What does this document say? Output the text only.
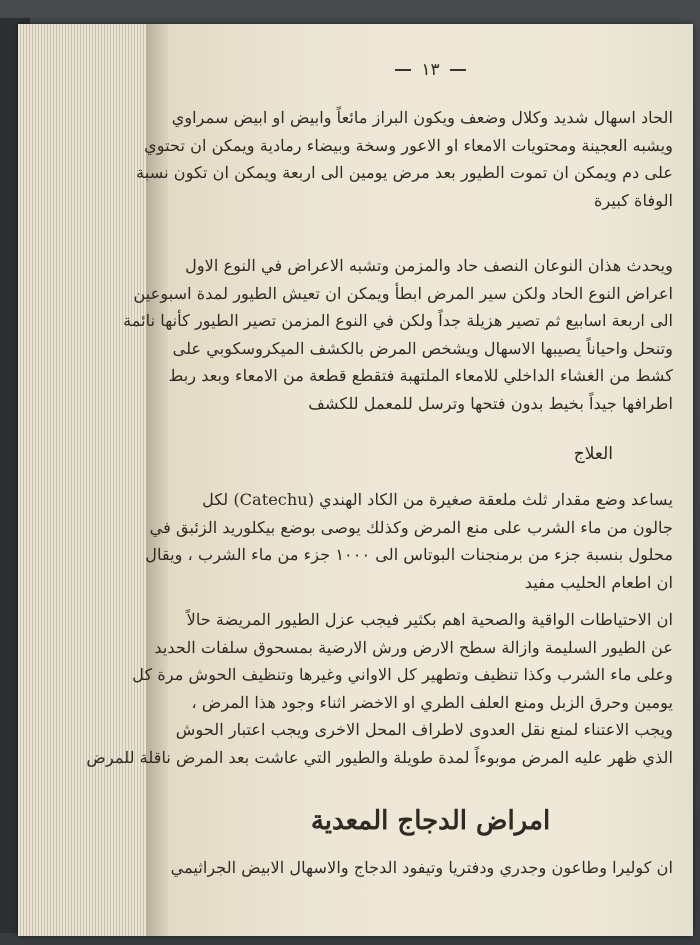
١٣
الحاد اسهال شديد وكلال وضعف ويكون البراز مائعاً وابيض او ابيض سمراوي
ويشبه العجينة ومحتويات الامعاء او الاعور وسخة وبيضاء رمادية ويمكن ان تحتوي
على دم ويمكن ان تموت الطيور بعد مرض يومين الى اربعة ويمكن ان تكون نسبة
الوفاة كبيرة
ويحدث هذان النوعان النصف حاد والمزمن وتشبه الاعراض في النوع الاول
اعراض النوع الحاد ولكن سير المرض ابطأ ويمكن ان تعيش الطيور لمدة اسبوعين
الى اربعة اسابيع ثم تصير هزيلة جداً ولكن في النوع المزمن تصير الطيور كأنها نائمة
وتنحل واحياناً يصيبها الاسهال ويشخص المرض بالكشف الميكروسكوبي على
كشط من الغشاء الداخلي للامعاء الملتهبة فتقطع قطعة من الامعاء وبعد ربط
اطرافها جيداً بخيط بدون فتحها وترسل للمعمل للكشف
العلاج
يساعد وضع مقدار ثلث ملعقة صغيرة من الكاد الهندي (Catechu) لكل
جالون من ماء الشرب على منع المرض وكذلك يوصى بوضع بيكلوريد الزئبق في
محلول بنسبة جزء من برمنجنات البوتاس الى ١٠٠٠ جزء من ماء الشرب ، ويقال
ان اطعام الحليب مفيد
ان الاحتياطات الواقية والصحية اهم بكثير فيجب عزل الطيور المريضة حالاً
عن الطيور السليمة وازالة سطح الارض ورش الارضية بمسحوق سلفات الحديد
وعلى ماء الشرب وكذا تنظيف وتطهير كل الاواني وغيرها وتنظيف الحوش مرة كل
يومين وحرق الزبل ومنع العلف الطري او الاخضر اثناء وجود هذا المرض ،
ويجب الاعتناء لمنع نقل العدوى لاطراف المحل الاخرى ويجب اعتبار الحوش
الذي ظهر عليه المرض موبوءاً لمدة طويلة والطيور التي عاشت بعد المرض ناقلة للمرض
امراض الدجاج المعدية
ان كوليرا وطاعون وجدري ودفتريا وتيفود الدجاج والاسهال الابيض الجراثيمي
